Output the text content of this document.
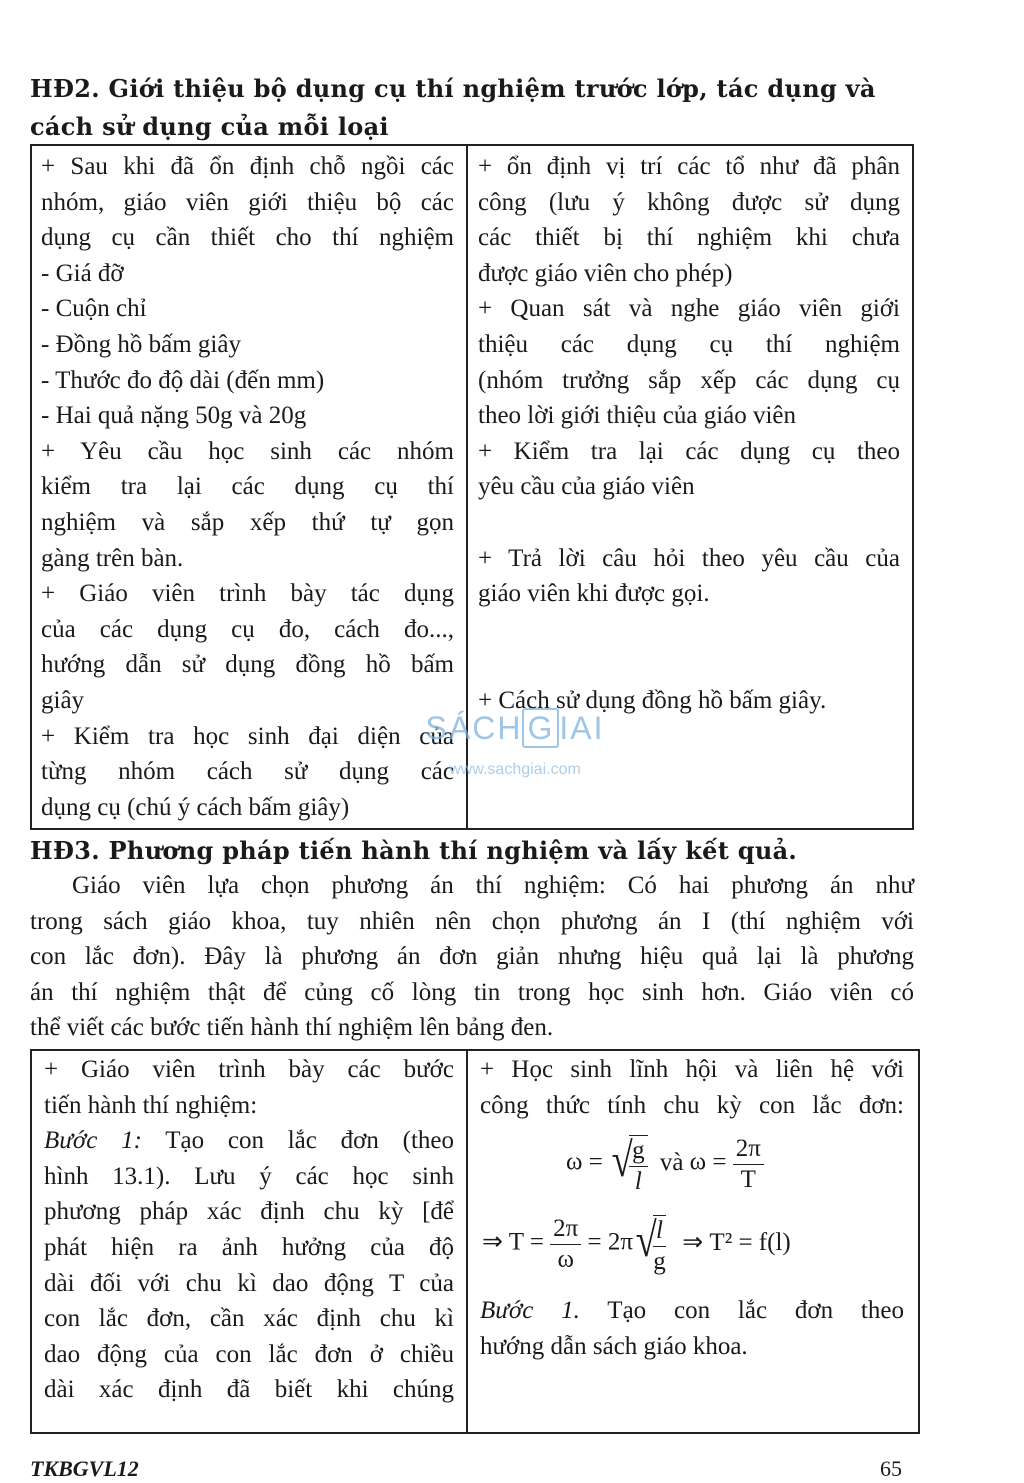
HĐ2. Giới thiệu bộ dụng cụ thí nghiệm trước lớp, tác dụng và
cách sử dụng của mỗi loại
+ Sau khi đã ổn định chỗ ngồi các
nhóm, giáo viên giới thiệu bộ các
dụng cụ cần thiết cho thí nghiệm
- Giá đỡ
- Cuộn chỉ
- Đồng hồ bấm giây
- Thước đo độ dài (đến mm)
- Hai quả nặng 50g và 20g
+ Yêu cầu học sinh các nhóm
kiểm tra lại các dụng cụ thí
nghiệm và sắp xếp thứ tự gọn
gàng trên bàn.
+ Giáo viên trình bày tác dụng
của các dụng cụ đo, cách đo...,
hướng dẫn sử dụng đồng hồ bấm
giây
+ Kiểm tra học sinh đại diện của
từng nhóm cách sử dụng các
dụng cụ (chú ý cách bấm giây)
+ ổn định vị trí các tổ như đã phân
công (lưu ý không được sử dụng
các thiết bị thí nghiệm khi chưa
được giáo viên cho phép)
+ Quan sát và nghe giáo viên giới
thiệu các dụng cụ thí nghiệm
(nhóm trưởng sắp xếp các dụng cụ
theo lời giới thiệu của giáo viên
+ Kiểm tra lại các dụng cụ theo
yêu cầu của giáo viên
+ Trả lời câu hỏi theo yêu cầu của
giáo viên khi được gọi.
+ Cách sử dụng đồng hồ bấm giây.
SÁCH G IAI
www.sachgiai.com
HĐ3. Phương pháp tiến hành thí nghiệm và lấy kết quả.
Giáo viên lựa chọn phương án thí nghiệm: Có hai phương án như
trong sách giáo khoa, tuy nhiên nên chọn phương án I (thí nghiệm với
con lắc đơn). Đây là phương án đơn giản nhưng hiệu quả lại là phương
án thí nghiệm thật để củng cố lòng tin trong học sinh hơn. Giáo viên có
thể viết các bước tiến hành thí nghiệm lên bảng đen.
+ Giáo viên trình bày các bước
tiến hành thí nghiệm:
Bước 1: Tạo con lắc đơn (theo
hình 13.1). Lưu ý các học sinh
phương pháp xác định chu kỳ [để
phát hiện ra ảnh hưởng của độ
dài đối với chu kì dao động T của
con lắc đơn, cần xác định chu kì
dao động của con lắc đơn ở chiều
dài xác định đã biết khi chúng
+ Học sinh lĩnh hội và liên hệ với
công thức tính chu kỳ con lắc đơn:
ω = √
$\frac{g}{l}$ và $\omega = \frac{2\pi}{T}$
⇒ $T = \frac{2\pi}{\omega} = 2\pi$ √
$\frac{l}{g}$ ⇒ T² = f(l)
Bước 1. Tạo con lắc đơn theo
hướng dẫn sách giáo khoa.
TKBGVL12	65
